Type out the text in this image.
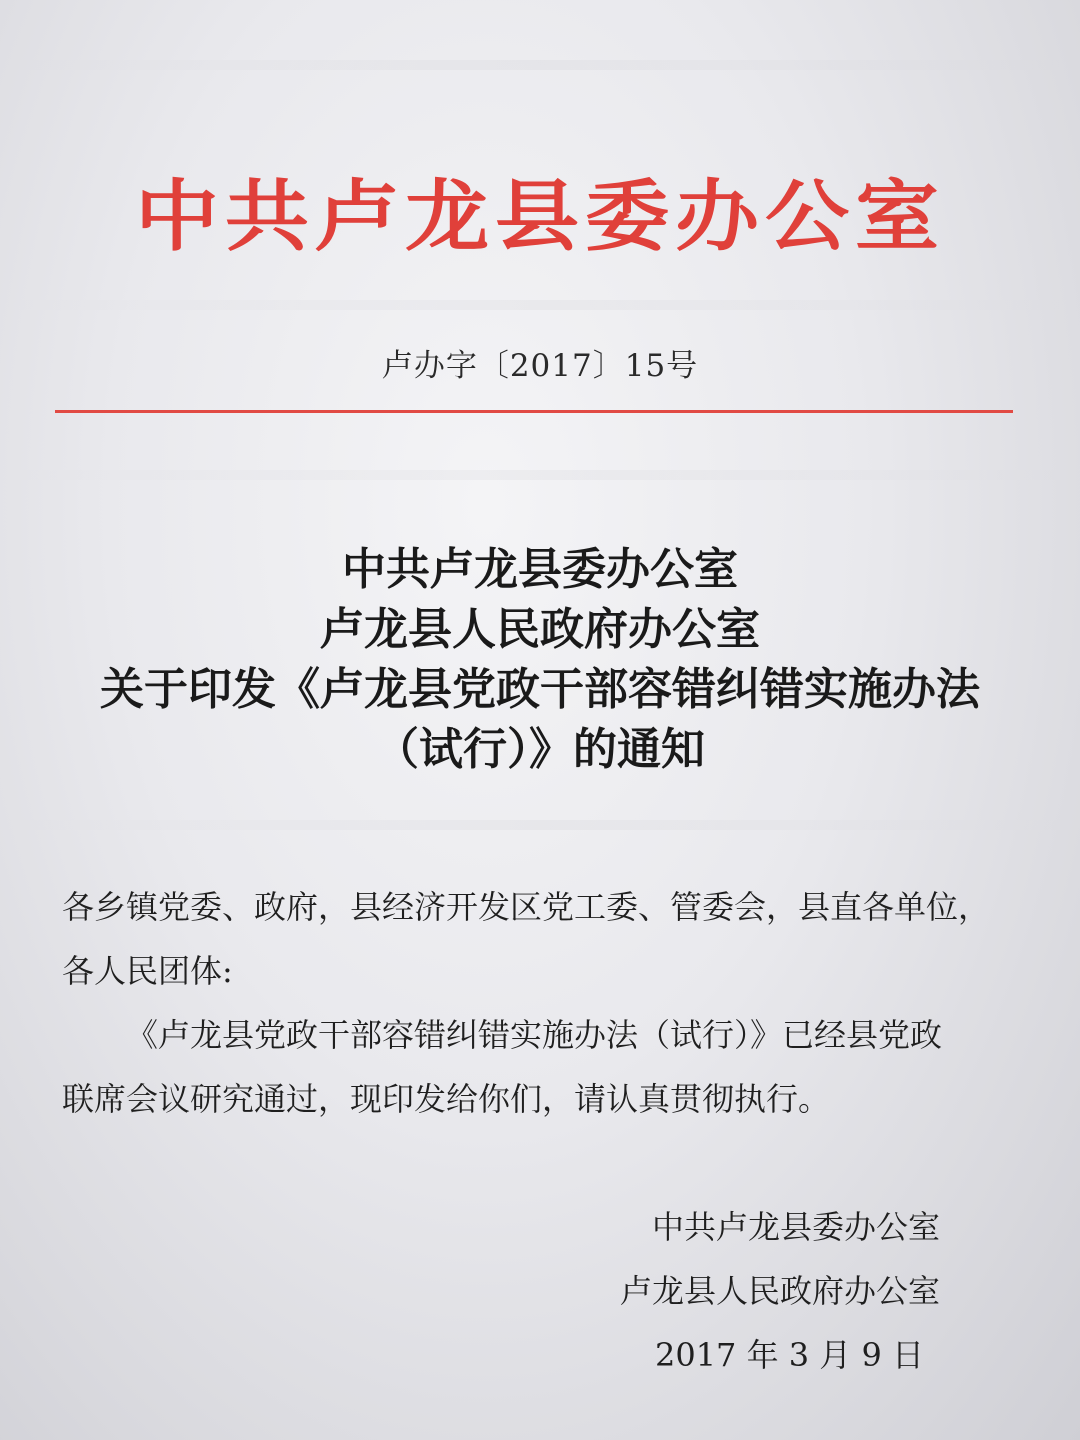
中共卢龙县委办公室
卢办字〔2017〕15号
中共卢龙县委办公室
卢龙县人民政府办公室
关于印发《卢龙县党政干部容错纠错实施办法
（试行）》的通知

各乡镇党委、政府，县经济开发区党工委、管委会，县直各单位，

各人民团体:

《卢龙县党政干部容错纠错实施办法（试行）》已经县党政

联席会议研究通过，现印发给你们，请认真贯彻执行。

中共卢龙县委办公室
卢龙县人民政府办公室
2017 年 3 月 9 日
